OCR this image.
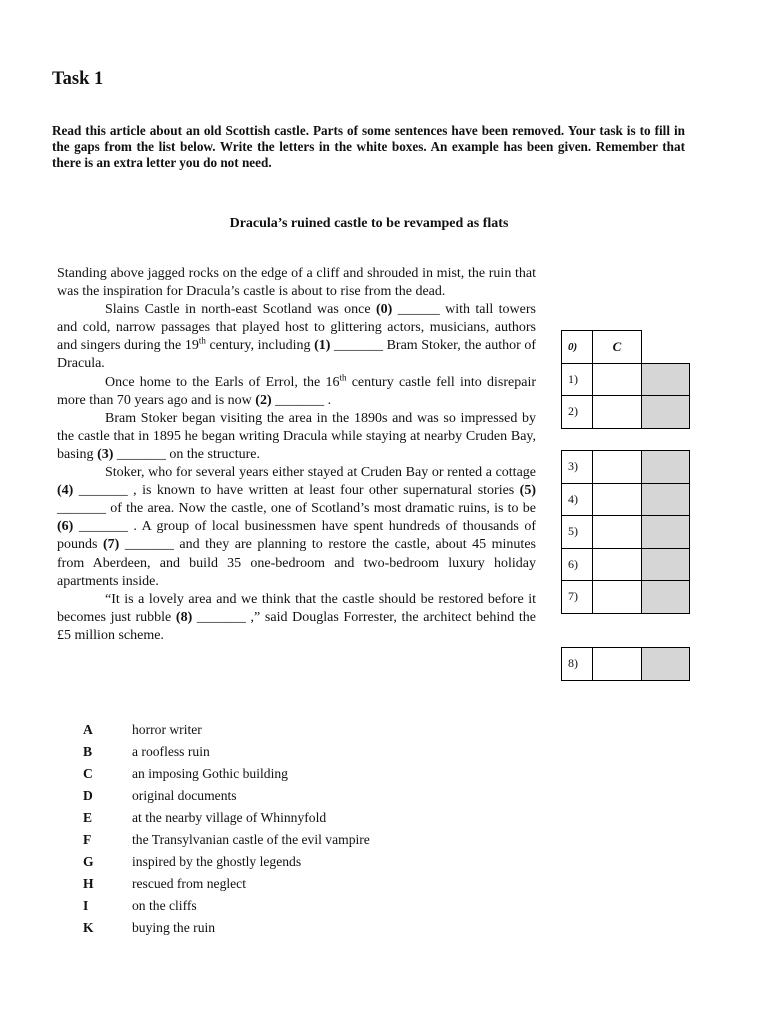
Task 1

Read this article about an old Scottish castle. Parts of some sentences have been removed. Your task is to fill in the gaps from the list below. Write the letters in the white boxes. An example has been given. Remember that there is an extra letter you do not need.

Dracula’s ruined castle to be revamped as flats

Standing above jagged rocks on the edge of a cliff and shrouded in mist, the ruin that was the inspiration for Dracula’s castle is about to rise from the dead.

Slains Castle in north-east Scotland was once (0) ______ with tall towers and cold, narrow passages that played host to glittering actors, musicians, authors and singers during the 19th century, including (1) _______ Bram Stoker, the author of Dracula.

Once home to the Earls of Errol, the 16th century castle fell into disrepair more than 70 years ago and is now (2) _______ .

Bram Stoker began visiting the area in the 1890s and was so impressed by the castle that in 1895 he began writing Dracula while staying at nearby Cruden Bay, basing (3) _______ on the structure.

Stoker, who for several years either stayed at Cruden Bay or rented a cottage (4) _______ , is known to have written at least four other supernatural stories (5) _______ of the area. Now the castle, one of Scotland’s most dramatic ruins, is to be (6) _______ . A group of local businessmen have spent hundreds of thousands of pounds (7) _______ and they are planning to restore the castle, about 45 minutes from Aberdeen, and build 35 one-bedroom and two-bedroom luxury holiday apartments inside.

“It is a lovely area and we think that the castle should be restored before it becomes just rubble (8) _______ ,” said Douglas Forrester, the architect behind the £5 million scheme.

0)	C	
1)		
2)		
3)		
4)		
5)		
6)		
7)		
8)		
A	horror writer
B	a roofless ruin
C	an imposing Gothic building
D	original documents
E	at the nearby village of Whinnyfold
F	the Transylvanian castle of the evil vampire
G	inspired by the ghostly legends
H	rescued from neglect
I	on the cliffs
K	buying the ruin
